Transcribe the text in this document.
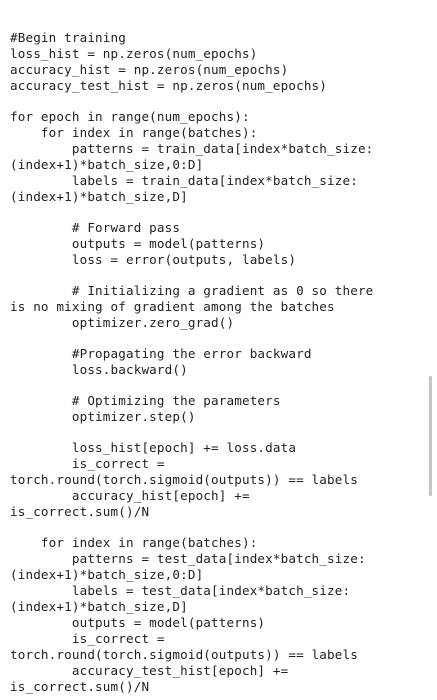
#Begin training
loss_hist = np.zeros(num_epochs)
accuracy_hist = np.zeros(num_epochs)
accuracy_test_hist = np.zeros(num_epochs)
for epoch in range(num_epochs):
for index in range(batches):
patterns = train_data[index*batch_size:
(index+1)*batch_size,0:D]
labels = train_data[index*batch_size:
(index+1)*batch_size,D]
# Forward pass
outputs = model(patterns)
loss = error(outputs, labels)
# Initializing a gradient as 0 so there
is no mixing of gradient among the batches
optimizer.zero_grad()
#Propagating the error backward
loss.backward()
# Optimizing the parameters
optimizer.step()
loss_hist[epoch] += loss.data
is_correct =
torch.round(torch.sigmoid(outputs)) == labels
accuracy_hist[epoch] +=
is_correct.sum()/N
for index in range(batches):
patterns = test_data[index*batch_size:
(index+1)*batch_size,0:D]
labels = test_data[index*batch_size:
(index+1)*batch_size,D]
outputs = model(patterns)
is_correct =
torch.round(torch.sigmoid(outputs)) == labels
accuracy_test_hist[epoch] +=
is_correct.sum()/N
